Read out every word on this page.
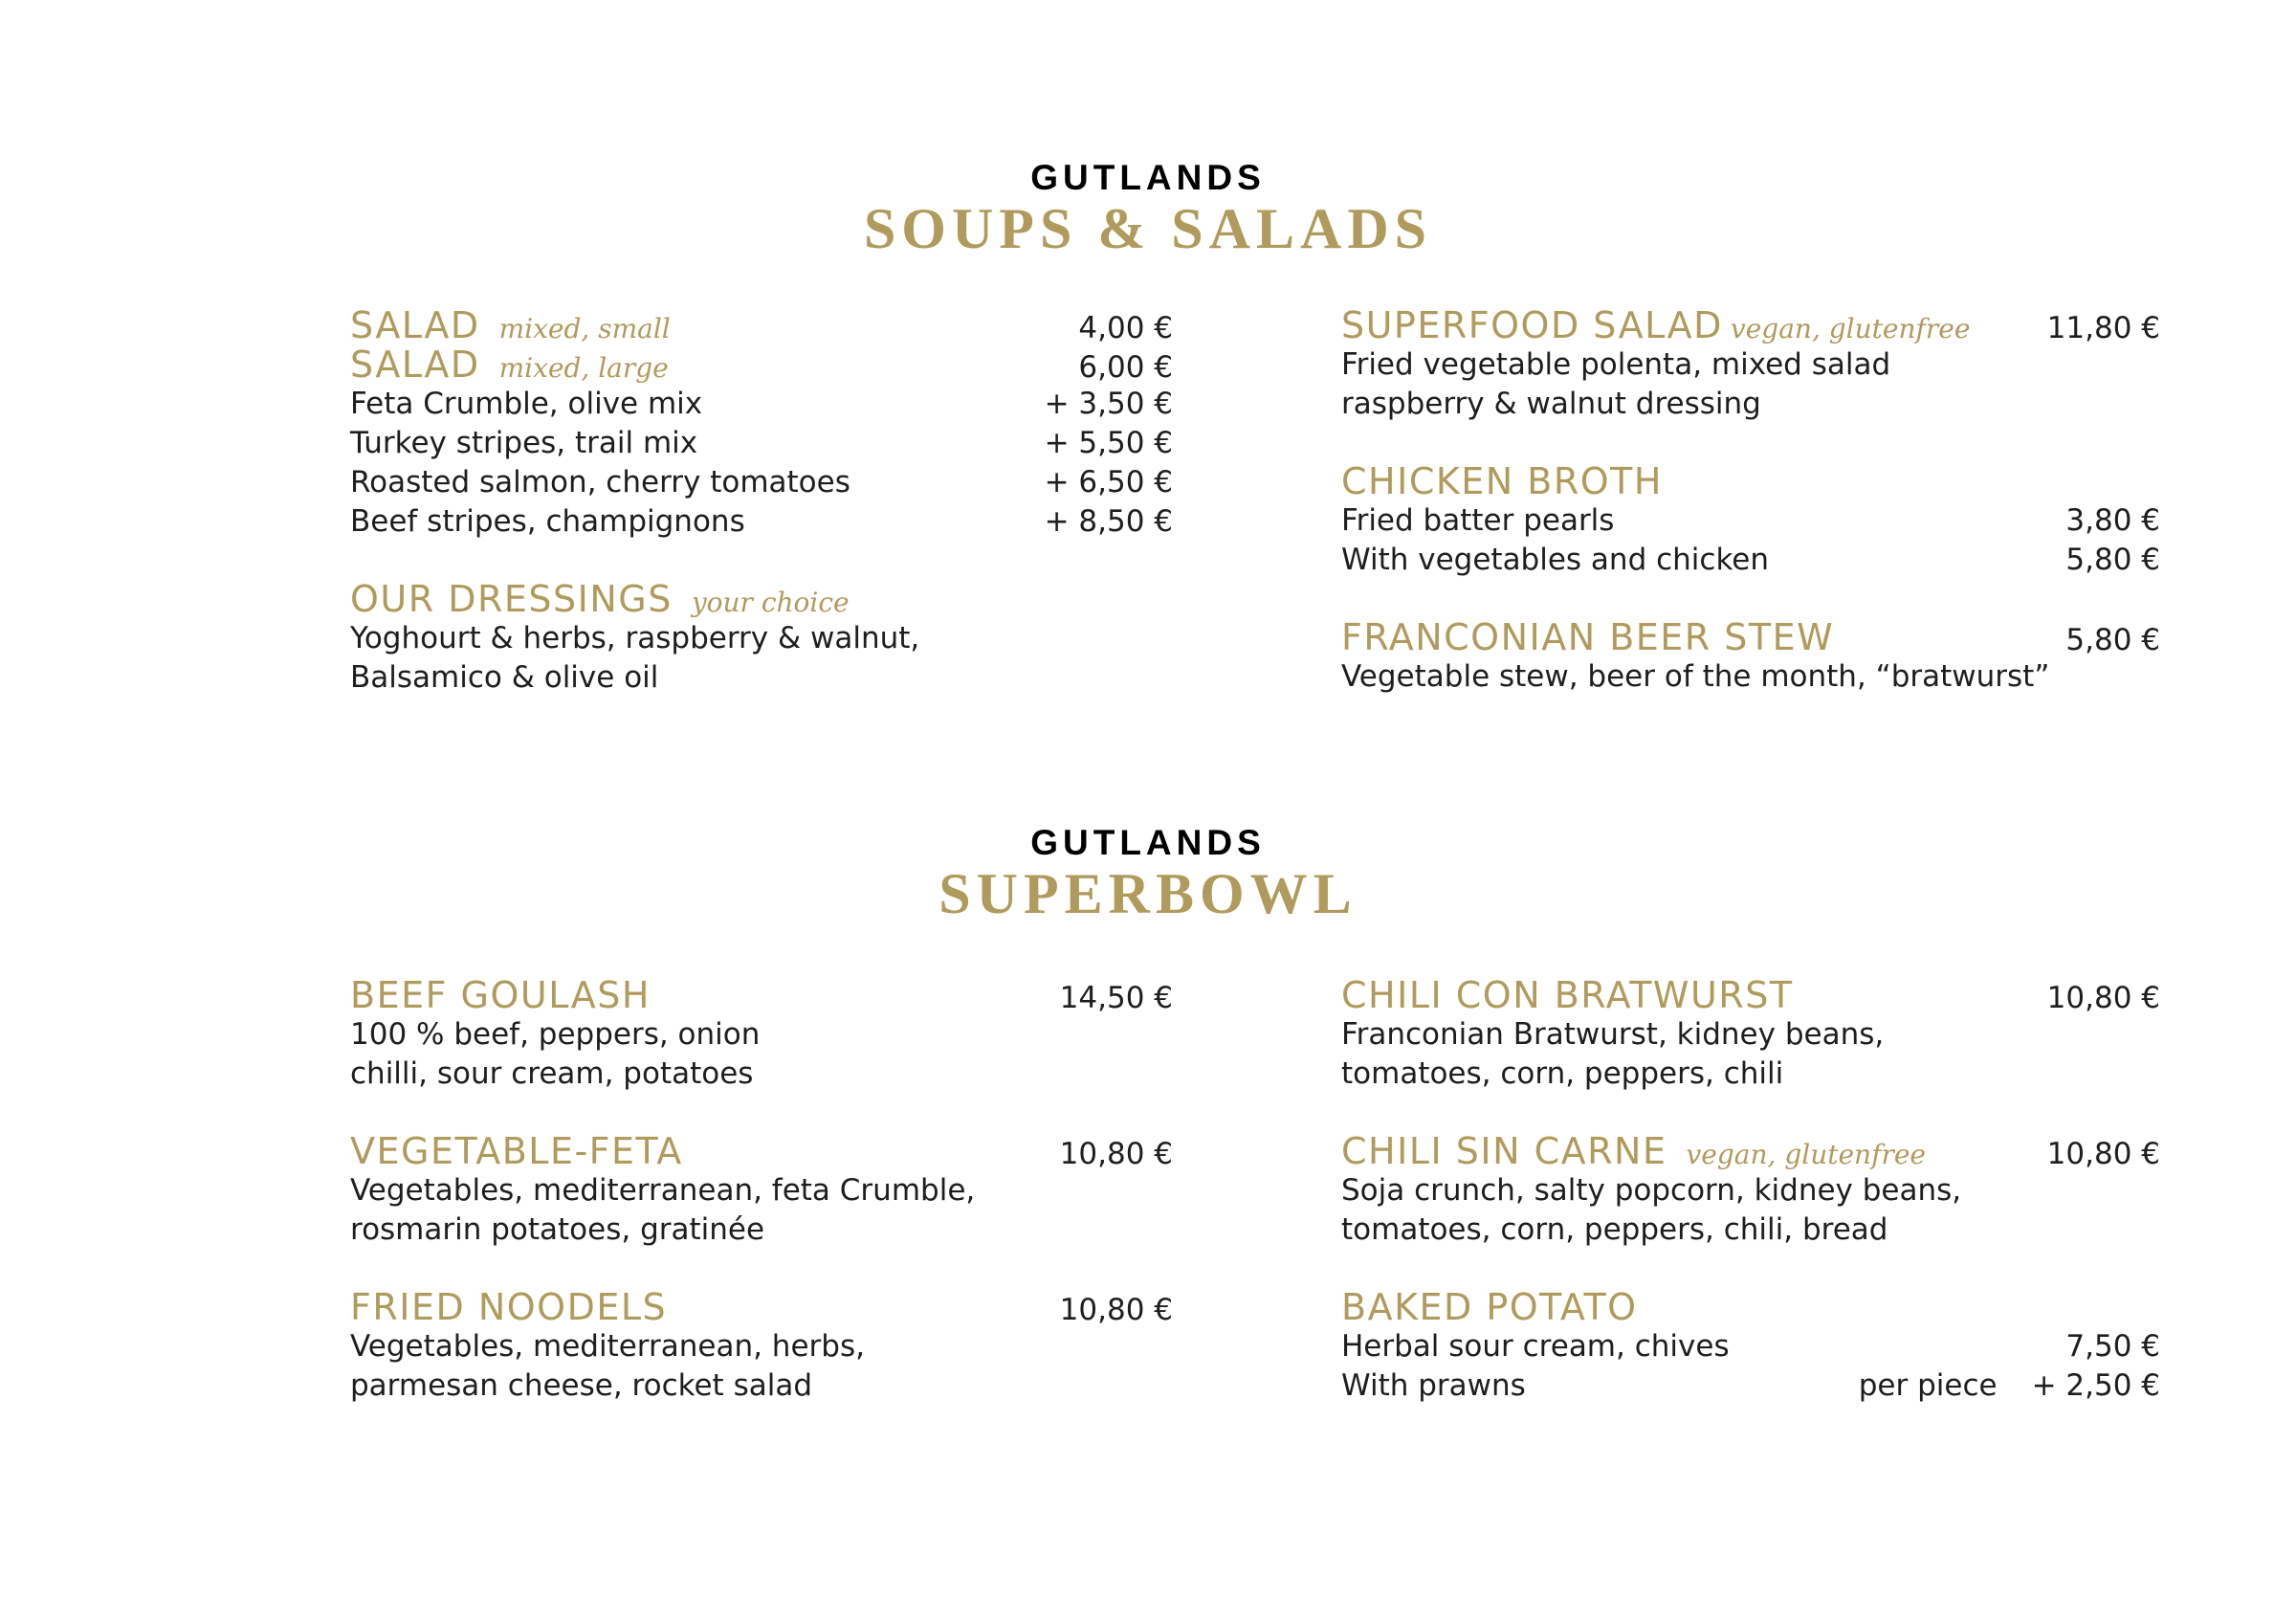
GUTLANDS
SOUPS & SALADS
SALAD mixed, small	4,00 €
SALAD mixed, large	6,00 €
Feta Crumble, olive mix	+ 3,50 €
Turkey stripes, trail mix	+ 5,50 €
Roasted salmon, cherry tomatoes	+ 6,50 €
Beef stripes, champignons	+ 8,50 €
OUR DRESSINGS your choice
Yoghourt & herbs, raspberry & walnut,
Balsamico & olive oil
SUPERFOOD SALAD vegan, glutenfree	11,80 €
Fried vegetable polenta, mixed salad
raspberry & walnut dressing
CHICKEN BROTH
Fried batter pearls	3,80 €
With vegetables and chicken	5,80 €
FRANCONIAN BEER STEW	5,80 €
Vegetable stew, beer of the month, “bratwurst”
GUTLANDS
SUPERBOWL
BEEF GOULASH	14,50 €
100 % beef, peppers, onion
chilli, sour cream, potatoes
VEGETABLE-FETA	10,80 €
Vegetables, mediterranean, feta Crumble,
rosmarin potatoes, gratinée
FRIED NOODELS	10,80 €
Vegetables, mediterranean, herbs,
parmesan cheese, rocket salad
CHILI CON BRATWURST	10,80 €
Franconian Bratwurst, kidney beans,
tomatoes, corn, peppers, chili
CHILI SIN CARNE vegan, glutenfree	10,80 €
Soja crunch, salty popcorn, kidney beans,
tomatoes, corn, peppers, chili, bread
BAKED POTATO
Herbal sour cream, chives	7,50 €
With prawns	per piece + 2,50 €
